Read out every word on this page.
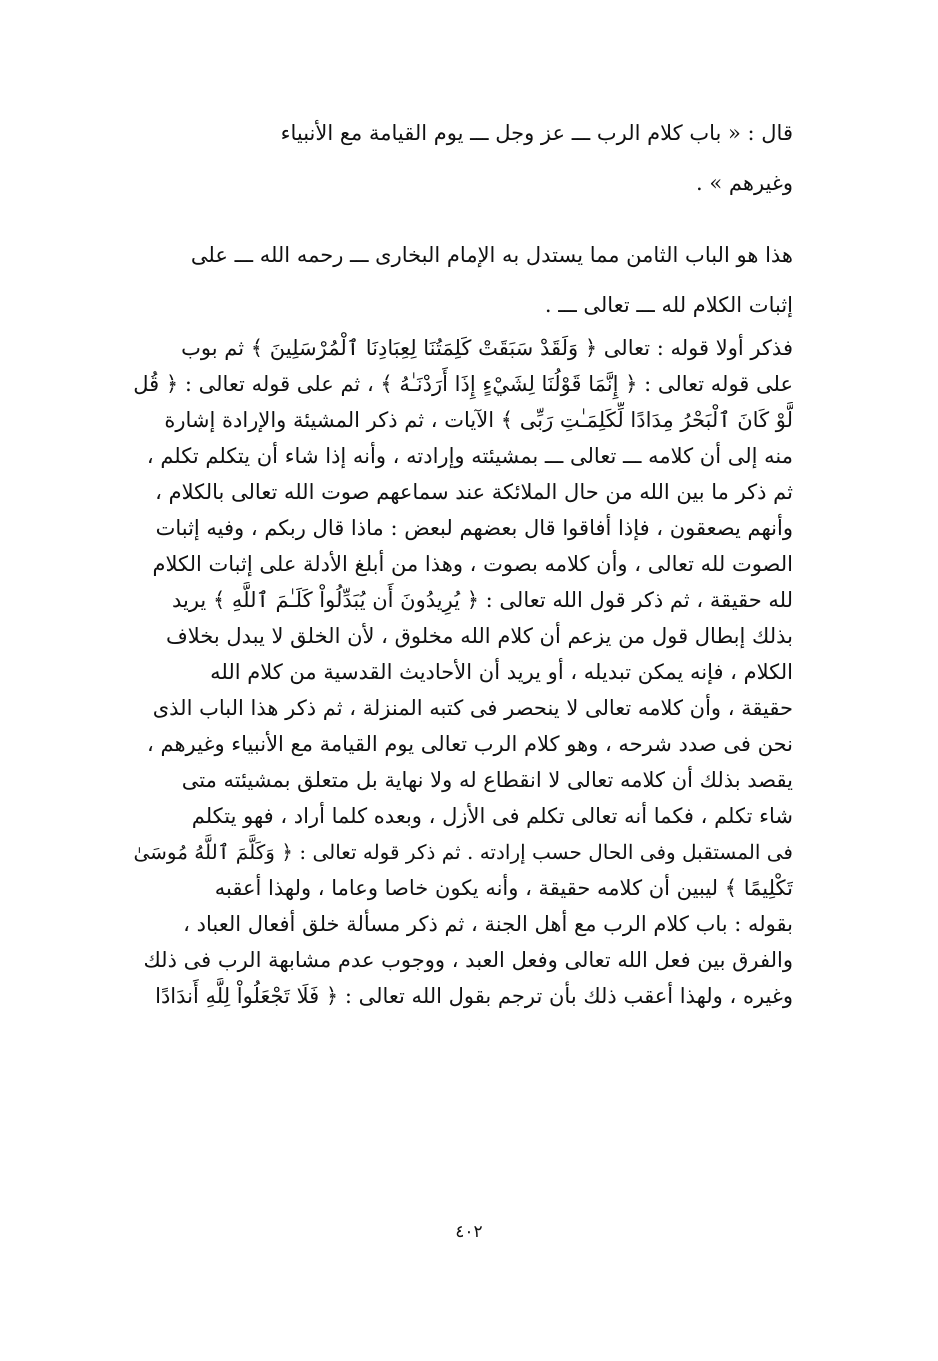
قال : « باب كلام الرب ـــ عز وجل ـــ يوم القيامة مع الأنبياء
وغيرهم » .
هذا هو الباب الثامن مما يستدل به الإمام البخارى ـــ رحمه الله ـــ على
إثبات الكلام لله ـــ تعالى ـــ .
فذكر أولا قوله : تعالى ﴿ وَلَقَدْ سَبَقَتْ كَلِمَتُنَا لِعِبَادِنَا ٱلْمُرْسَلِينَ ﴾ ثم بوب
على قوله تعالى : ﴿ إِنَّمَا قَوْلُنَا لِشَيْءٍ إِذَا أَرَدْنَـٰهُ ﴾ ، ثم على قوله تعالى : ﴿ قُل
لَّوْ كَانَ ٱلْبَحْرُ مِدَادًا لِّكَلِمَـٰتِ رَبِّى ﴾ الآيات ، ثم ذكر المشيئة والإرادة إشارة
منه إلى أن كلامه ـــ تعالى ـــ بمشيئته وإرادته ، وأنه إذا شاء أن يتكلم تكلم ،
ثم ذكر ما بين الله من حال الملائكة عند سماعهم صوت الله تعالى بالكلام ،
وأنهم يصعقون ، فإذا أفاقوا قال بعضهم لبعض : ماذا قال ربكم ، وفيه إثبات
الصوت لله تعالى ، وأن كلامه بصوت ، وهذا من أبلغ الأدلة على إثبات الكلام
لله حقيقة ، ثم ذكر قول الله تعالى : ﴿ يُرِيدُونَ أَن يُبَدِّلُواْ كَلَـٰمَ ٱللَّهِ ﴾ يريد
بذلك إبطال قول من يزعم أن كلام الله مخلوق ، لأن الخلق لا يبدل بخلاف
الكلام ، فإنه يمكن تبديله ، أو يريد أن الأحاديث القدسية من كلام الله
حقيقة ، وأن كلامه تعالى لا ينحصر فى كتبه المنزلة ، ثم ذكر هذا الباب الذى
نحن فى صدد شرحه ، وهو كلام الرب تعالى يوم القيامة مع الأنبياء وغيرهم ،
يقصد بذلك أن كلامه تعالى لا انقطاع له ولا نهاية بل متعلق بمشيئته متى
شاء تكلم ، فكما أنه تعالى تكلم فى الأزل ، وبعده كلما أراد ، فهو يتكلم
فى المستقبل وفى الحال حسب إرادته . ثم ذكر قوله تعالى : ﴿ وَكَلَّمَ ٱللَّهُ مُوسَىٰ
تَكْلِيمًا ﴾ ليبين أن كلامه حقيقة ، وأنه يكون خاصا وعاما ، ولهذا أعقبه
بقوله : باب كلام الرب مع أهل الجنة ، ثم ذكر مسألة خلق أفعال العباد ،
والفرق بين فعل الله تعالى وفعل العبد ، ووجوب عدم مشابهة الرب فى ذلك
وغيره ، ولهذا أعقب ذلك بأن ترجم بقول الله تعالى : ﴿ فَلَا تَجْعَلُواْ لِلَّهِ أَندَادًا
٤٠٢
